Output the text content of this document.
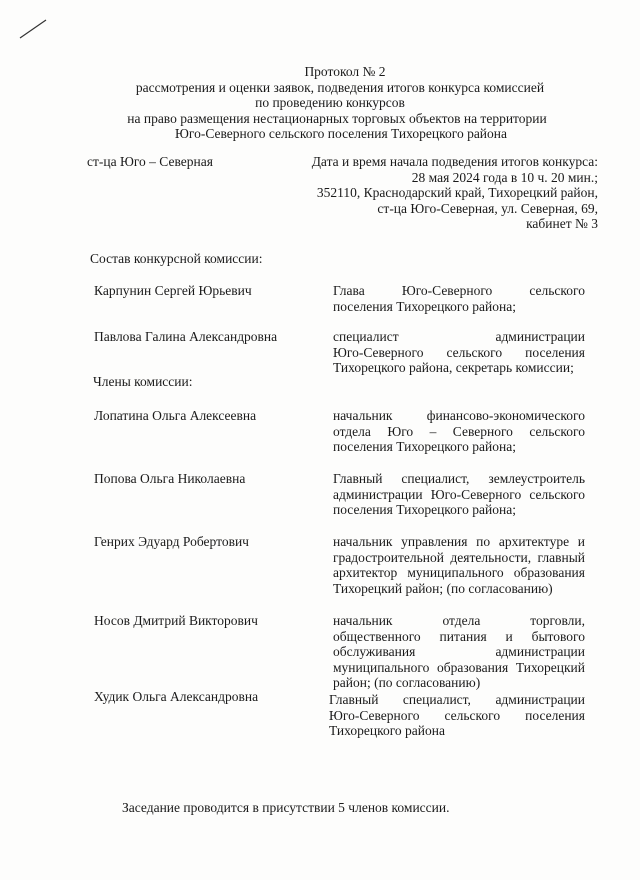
Протокол № 2
рассмотрения и оценки заявок, подведения итогов конкурса комиссией
по проведению конкурсов
на право размещения нестационарных торговых объектов на территории
Юго-Северного сельского поселения Тихорецкого района
ст-ца Юго – Северная	Дата и время начала подведения итогов конкурса:
28 мая 2024 года в 10 ч. 20 мин.;
352110, Краснодарский край, Тихорецкий район,
ст-ца Юго-Северная, ул. Северная, 69,
кабинет № 3
Состав конкурсной комиссии:
Карпунин Сергей Юрьевич	Глава Юго-Северного сельского
поселения Тихорецкого района;
Павлова Галина Александровна	специалист администрации
Юго-Северного сельского поселения
Тихорецкого района, секретарь комиссии;
Члены комиссии:
Лопатина Ольга Алексеевна	начальник финансово-экономического
отдела Юго – Северного сельского
поселения Тихорецкого района;
Попова Ольга Николаевна	Главный специалист, землеустроитель
администрации Юго-Северного сельского
поселения Тихорецкого района;
Генрих Эдуард Робертович	начальник управления по архитектуре и
градостроительной деятельности, главный
архитектор муниципального образования
Тихорецкий район; (по согласованию)
Носов Дмитрий Викторович	начальник отдела торговли,
общественного питания и бытового
обслуживания администрации
муниципального образования Тихорецкий
район; (по согласованию)
Худик Ольга Александровна	Главный специалист, администрации
Юго-Северного сельского поселения
Тихорецкого района
Заседание проводится в присутствии 5 членов комиссии.
